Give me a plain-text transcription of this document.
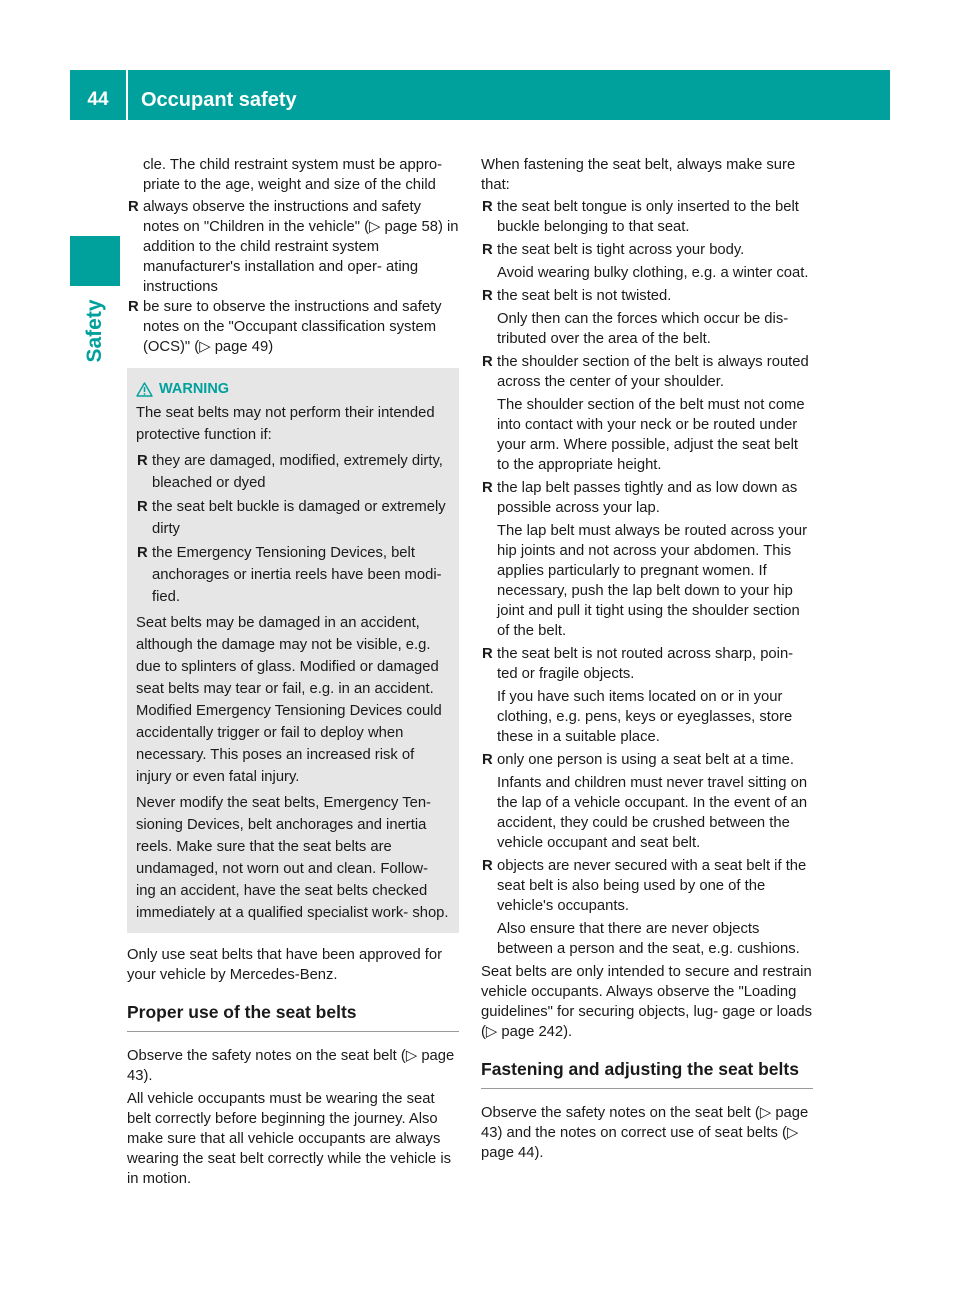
44	Occupant safety
Safety

cle. The child restraint system must be appro- priate to the age, weight and size of the child

R always observe the instructions and safety notes on "Children in the vehicle" (▷ page 58) in addition to the child restraint system manufacturer's installation and oper- ating instructions
R be sure to observe the instructions and safety notes on the "Occupant classification system (OCS)" (▷ page 49)
WARNING

The seat belts may not perform their intended protective function if:

R they are damaged, modified, extremely dirty, bleached or dyed
R the seat belt buckle is damaged or extremely dirty
R the Emergency Tensioning Devices, belt anchorages or inertia reels have been modi- fied.

Seat belts may be damaged in an accident, although the damage may not be visible, e.g. due to splinters of glass. Modified or damaged seat belts may tear or fail, e.g. in an accident. Modified Emergency Tensioning Devices could accidentally trigger or fail to deploy when necessary. This poses an increased risk of injury or even fatal injury.

Never modify the seat belts, Emergency Ten- sioning Devices, belt anchorages and inertia reels. Make sure that the seat belts are undamaged, not worn out and clean. Follow- ing an accident, have the seat belts checked immediately at a qualified specialist work- shop.

Only use seat belts that have been approved for your vehicle by Mercedes-Benz.

Proper use of the seat belts

Observe the safety notes on the seat belt (▷ page 43).

All vehicle occupants must be wearing the seat belt correctly before beginning the journey. Also make sure that all vehicle occupants are always wearing the seat belt correctly while the vehicle is in motion.

When fastening the seat belt, always make sure that:

R the seat belt tongue is only inserted to the belt buckle belonging to that seat.
R the seat belt is tight across your body.

Avoid wearing bulky clothing, e.g. a winter coat.

R the seat belt is not twisted.

Only then can the forces which occur be dis- tributed over the area of the belt.

R the shoulder section of the belt is always routed across the center of your shoulder.

The shoulder section of the belt must not come into contact with your neck or be routed under your arm. Where possible, adjust the seat belt to the appropriate height.

R the lap belt passes tightly and as low down as possible across your lap.

The lap belt must always be routed across your hip joints and not across your abdomen. This applies particularly to pregnant women. If necessary, push the lap belt down to your hip joint and pull it tight using the shoulder section of the belt.

R the seat belt is not routed across sharp, poin- ted or fragile objects.

If you have such items located on or in your clothing, e.g. pens, keys or eyeglasses, store these in a suitable place.

R only one person is using a seat belt at a time.

Infants and children must never travel sitting on the lap of a vehicle occupant. In the event of an accident, they could be crushed between the vehicle occupant and seat belt.

R objects are never secured with a seat belt if the seat belt is also being used by one of the vehicle's occupants.

Also ensure that there are never objects between a person and the seat, e.g. cushions.

Seat belts are only intended to secure and restrain vehicle occupants. Always observe the "Loading guidelines" for securing objects, lug- gage or loads (▷ page 242).

Fastening and adjusting the seat belts

Observe the safety notes on the seat belt (▷ page 43) and the notes on correct use of seat belts (▷ page 44).
